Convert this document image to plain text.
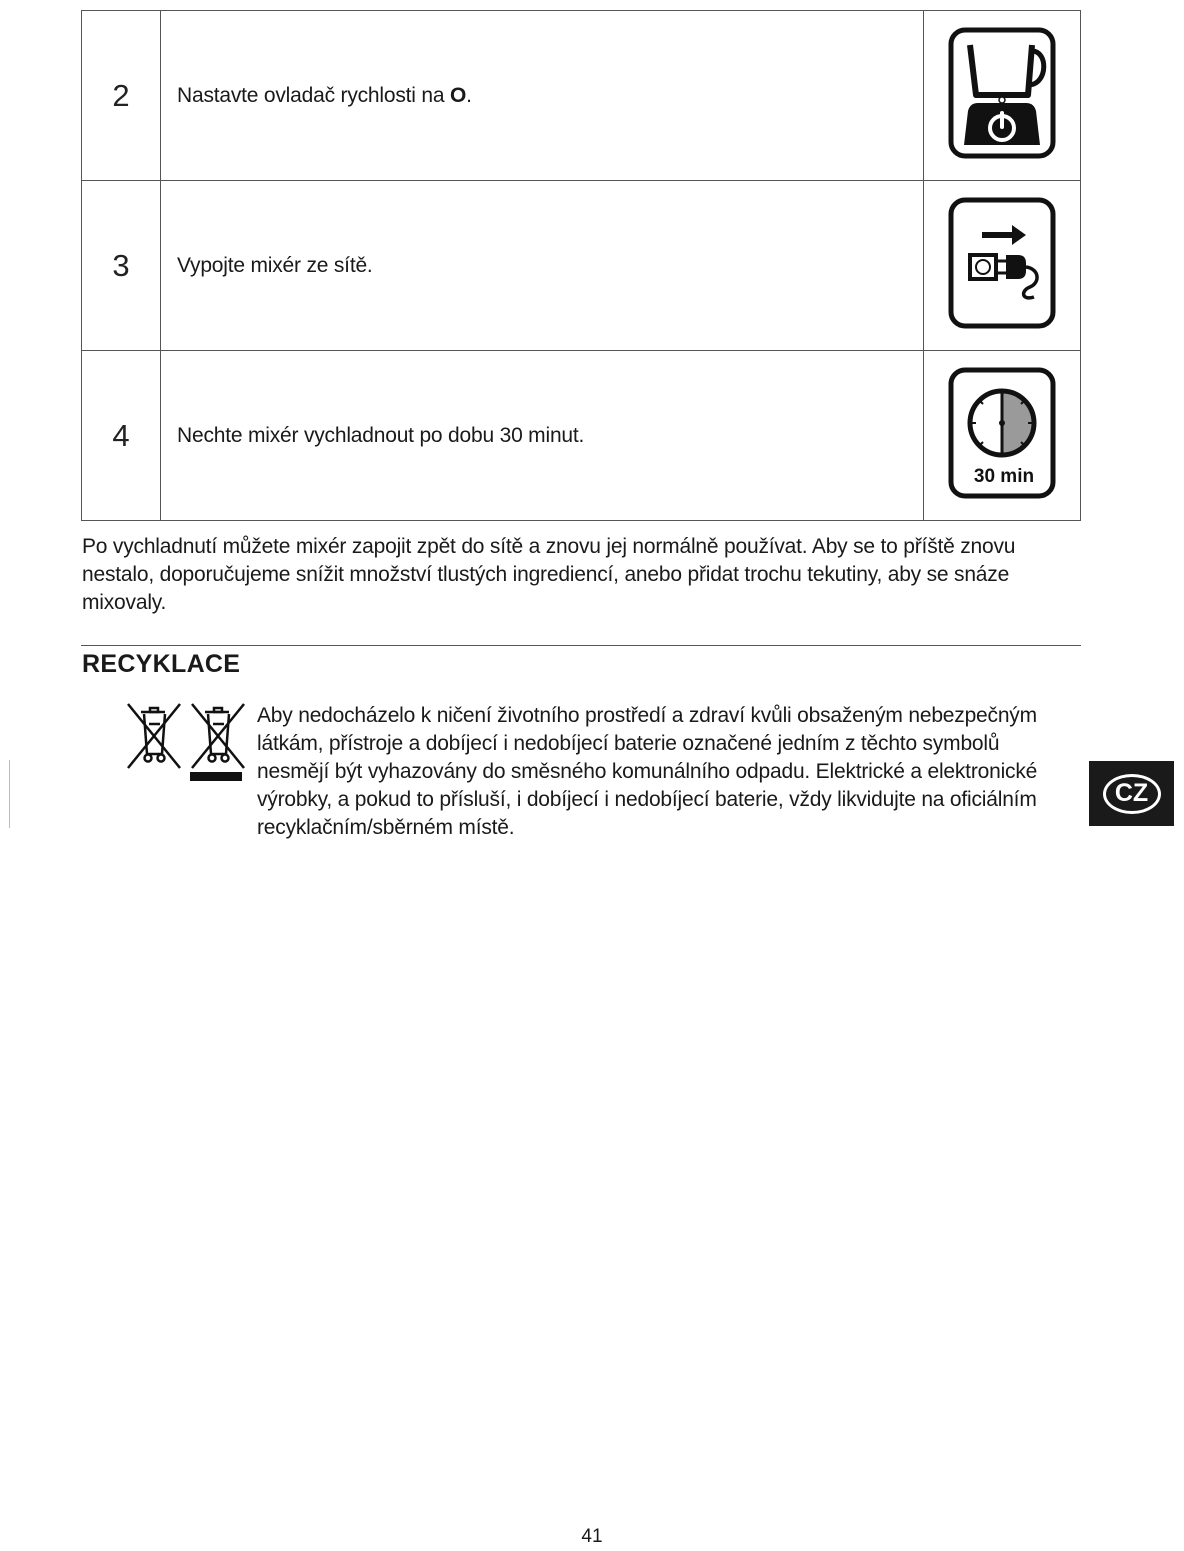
2	Nastavte ovladač rychlosti na O.	

3	Vypojte mixér ze sítě.	

4	Nechte mixér vychladnout po dobu 30 minut.	30 min

Po vychladnutí můžete mixér zapojit zpět do sítě a znovu jej normálně používat. Aby se to příště znovu nestalo, doporučujeme snížit množství tlustých ingrediencí, anebo přidat trochu tekutiny, aby se snáze mixovaly.

RECYKLACE

Aby nedocházelo k ničení životního prostředí a zdraví kvůli obsaženým nebezpečným látkám, přístroje a dobíjecí i nedobíjecí baterie označené jedním z těchto symbolů nesmějí být vyhazovány do směsného komunálního odpadu. Elektrické a elektronické výrobky, a pokud to přísluší, i dobíjecí i nedobíjecí baterie, vždy likvidujte na oficiálním recyklačním/sběrném místě.

CZ
41
